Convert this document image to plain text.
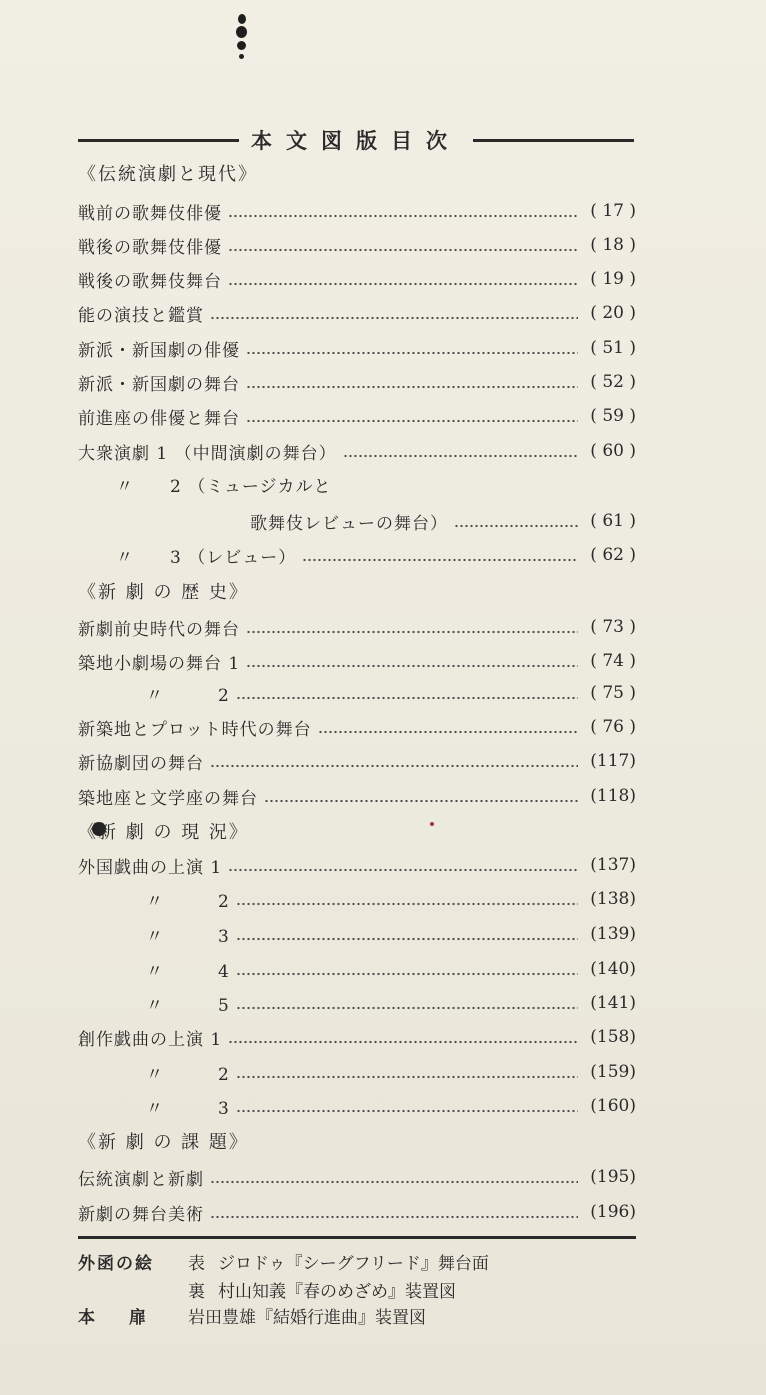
本文図版目次
《伝統演劇と現代》
戦前の歌舞伎俳優	( 17 )
戦後の歌舞伎俳優	( 18 )
戦後の歌舞伎舞台	( 19 )
能の演技と鑑賞	( 20 )
新派・新国劇の俳優	( 51 )
新派・新国劇の舞台	( 52 )
前進座の俳優と舞台	( 59 )
大衆演劇 1 （中間演劇の舞台）	( 60 )
〃　　2 （ミュージカルと
歌舞伎レビューの舞台）	( 61 )
〃　　3 （レビュー）	( 62 )
《新 劇 の 歴 史》
新劇前史時代の舞台	( 73 )
築地小劇場の舞台 1	( 74 )
〃　　　2	( 75 )
新築地とプロット時代の舞台	( 76 )
新協劇団の舞台	(117)
築地座と文学座の舞台	(118)
《新 劇 の 現 況》
外国戯曲の上演 1	(137)
〃　　　2	(138)
〃　　　3	(139)
〃　　　4	(140)
〃　　　5	(141)
創作戯曲の上演 1	(158)
〃　　　2	(159)
〃　　　3	(160)
《新 劇 の 課 題》
伝統演劇と新劇	(195)
新劇の舞台美術	(196)
外函の絵 表 ジロドゥ『シーグフリード』舞台面
裏 村山知義『春のめざめ』装置図
本扉 岩田豊雄『結婚行進曲』装置図
